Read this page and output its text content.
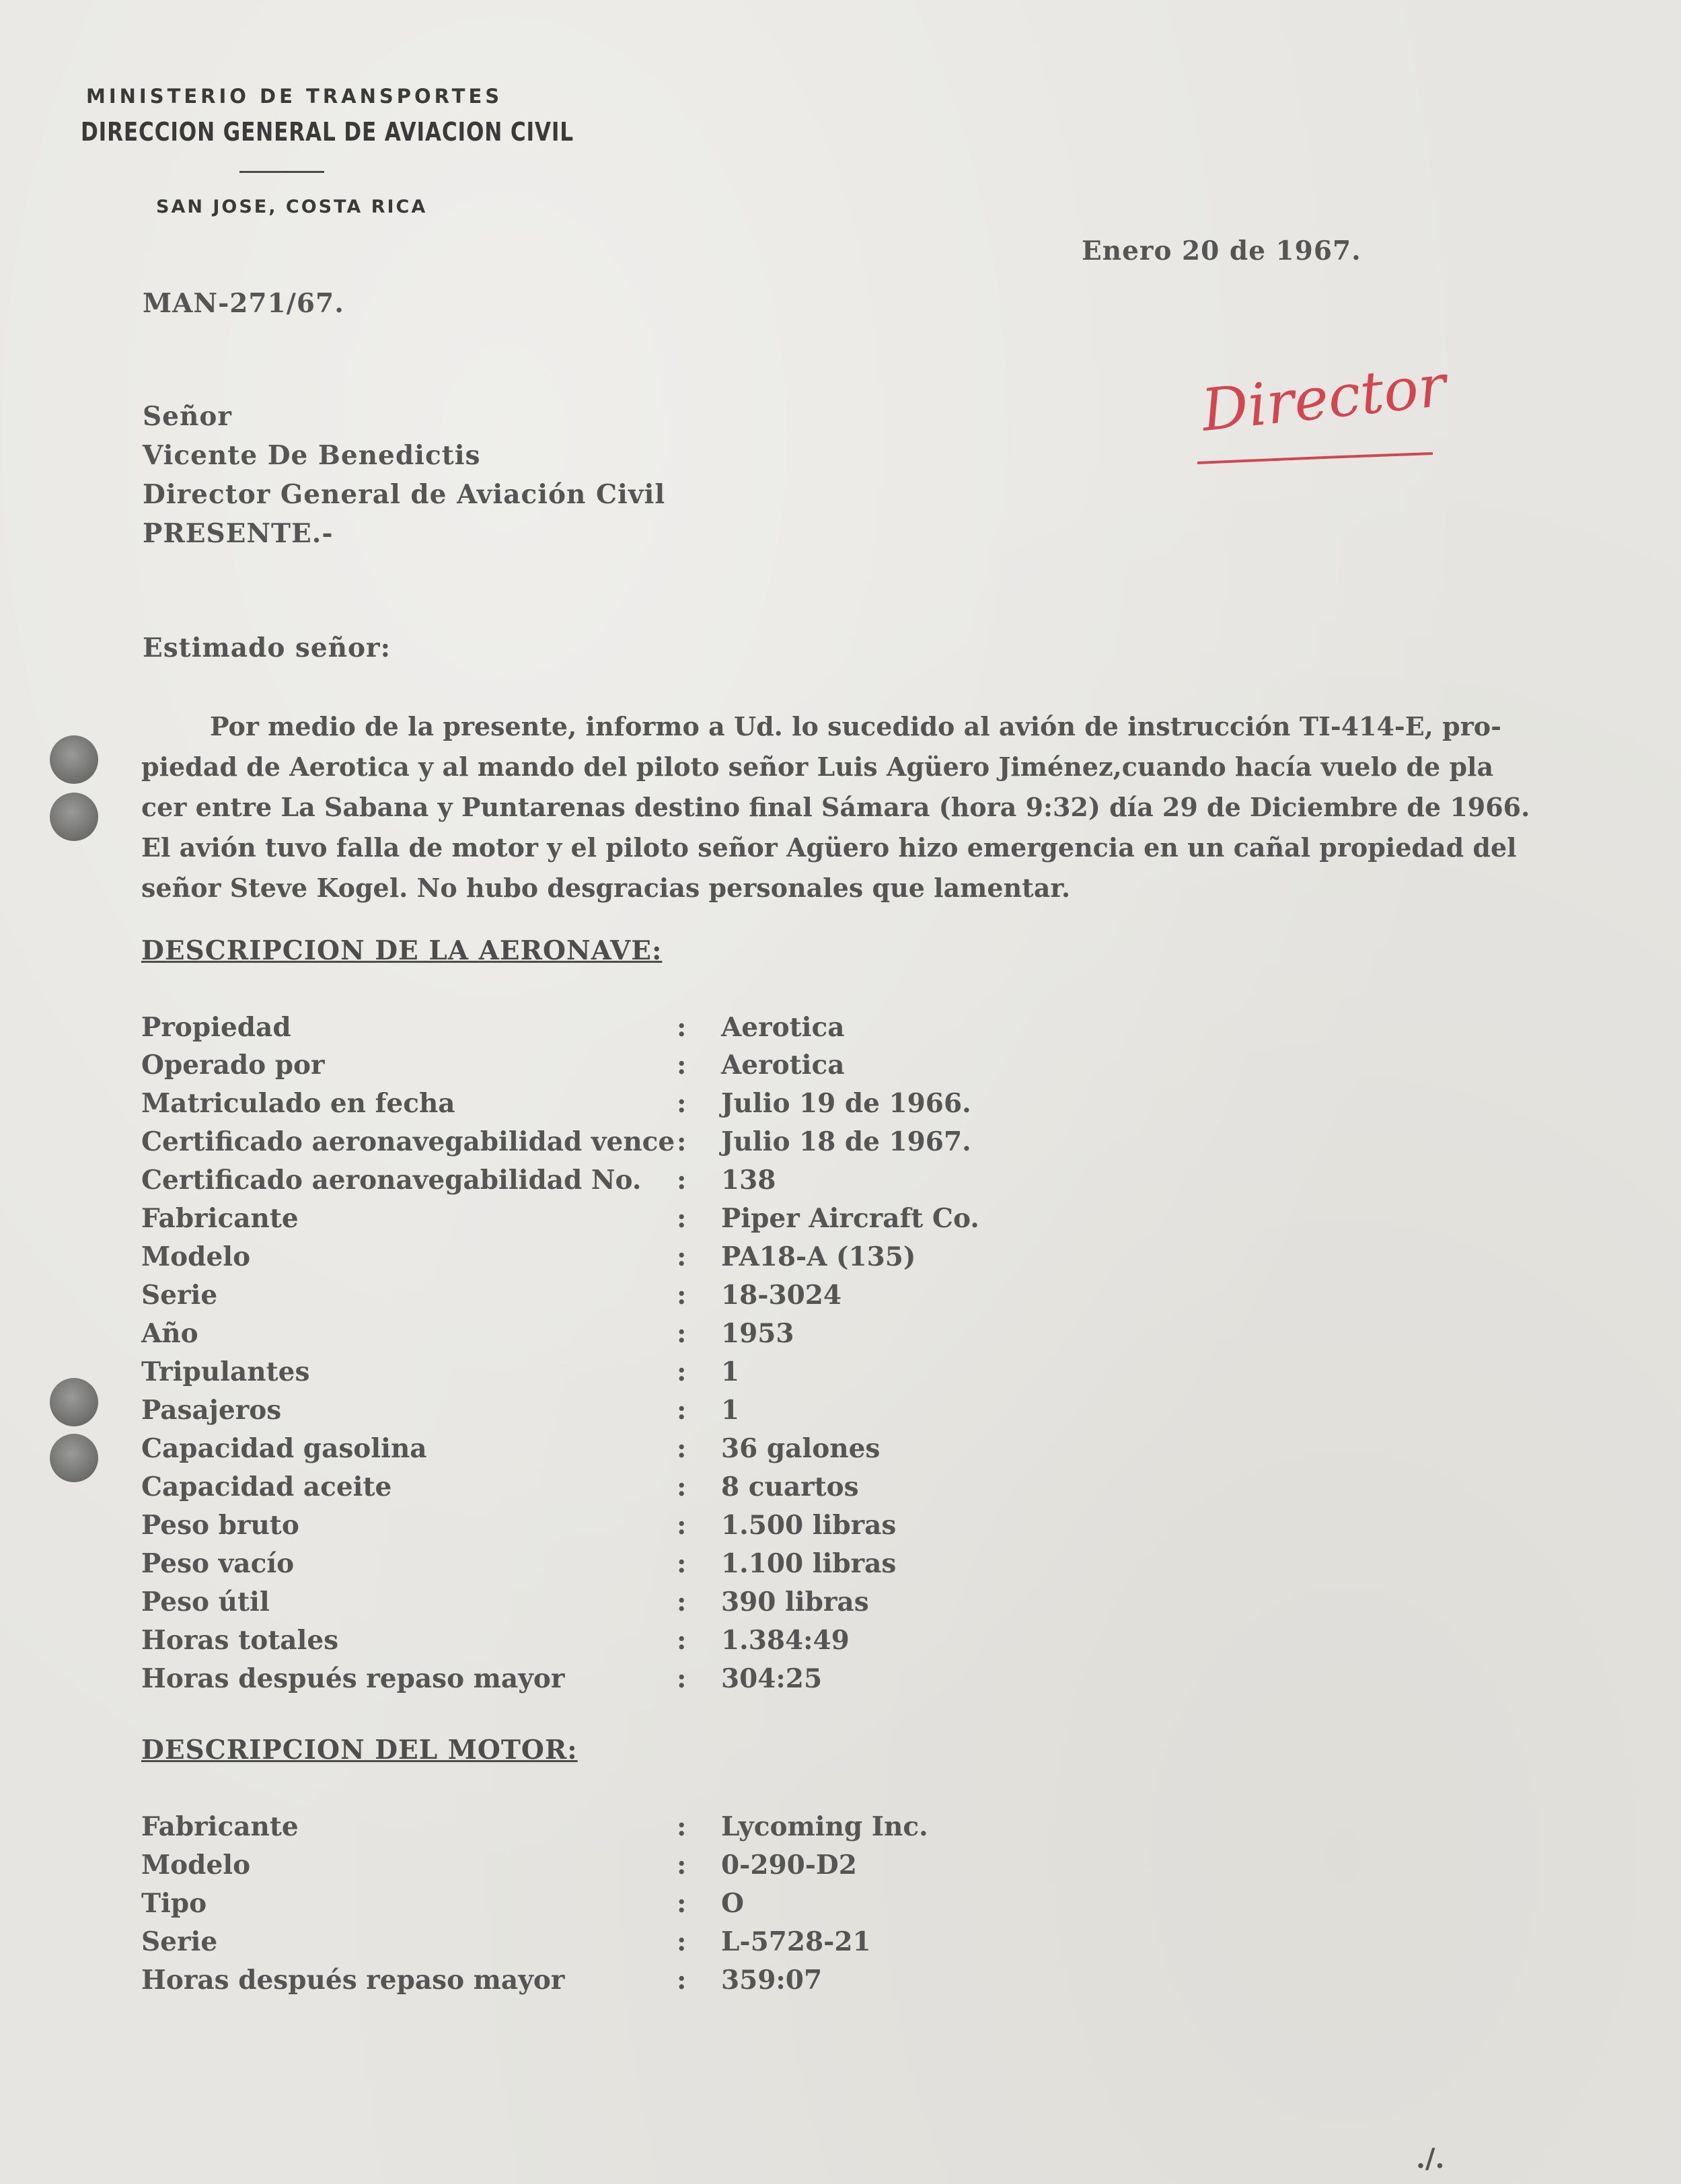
MINISTERIO DE TRANSPORTES
DIRECCION GENERAL DE AVIACION CIVIL
SAN JOSE, COSTA RICA
Enero 20 de 1967.
MAN-271/67.
Director
Señor
Vicente De Benedictis
Director General de Aviación Civil
PRESENTE.-
Estimado señor:
Por medio de la presente, informo a Ud. lo sucedido al avión de instrucción TI-414-E, pro-
piedad de Aerotica y al mando del piloto señor Luis Agüero Jiménez,cuando hacía vuelo de pla
cer entre La Sabana y Puntarenas destino final Sámara (hora 9:32) día 29 de Diciembre de 1966.
El avión tuvo falla de motor y el piloto señor Agüero hizo emergencia en un cañal propiedad del
señor Steve Kogel. No hubo desgracias personales que lamentar.
DESCRIPCION DE LA AERONAVE:
Propiedad	: Aerotica
Operado por	: Aerotica
Matriculado en fecha	: Julio 19 de 1966.
Certificado aeronavegabilidad vence : Julio 18 de 1967.
Certificado aeronavegabilidad No. : 138
Fabricante	: Piper Aircraft Co.
Modelo	: PA18-A (135)
Serie	: 18-3024
Año	: 1953
Tripulantes	: 1
Pasajeros	: 1
Capacidad gasolina	: 36 galones
Capacidad aceite	: 8 cuartos
Peso bruto	: 1.500 libras
Peso vacío	: 1.100 libras
Peso útil	: 390 libras
Horas totales	: 1.384:49
Horas después repaso mayor	: 304:25
DESCRIPCION DEL MOTOR:
Fabricante	: Lycoming Inc.
Modelo	: 0-290-D2
Tipo	: O
Serie	: L-5728-21
Horas después repaso mayor	: 359:07
./.
